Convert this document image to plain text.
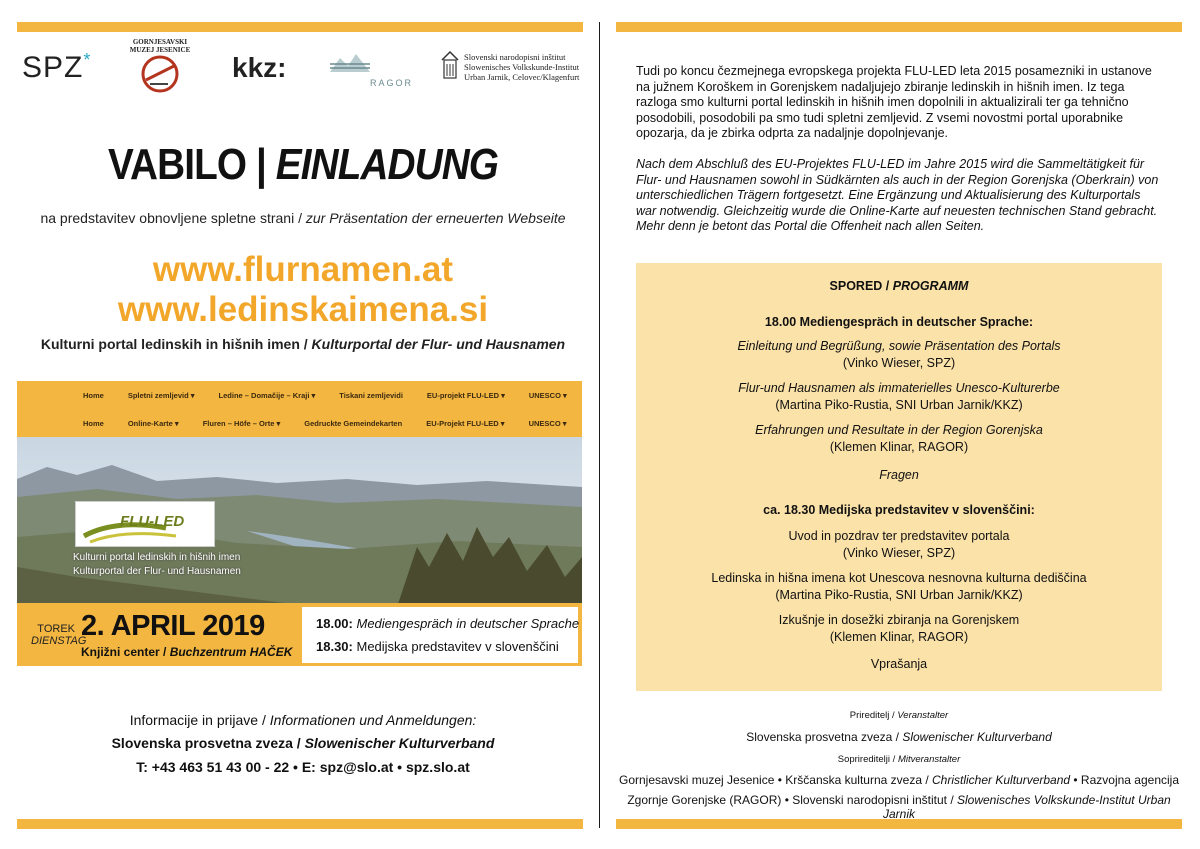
SPZ*
GORNJESAVSKI
MUZEJ JESENICE
kkz:	RAGOR
Slovenski narodopisni inštitut
Slowenisches Volkskunde-Institut
Urban Jarnik, Celovec/Klagenfurt
VABILO | EINLADUNG
na predstavitev obnovljene spletne strani / zur Präsentation der erneuerten Webseite
www.flurnamen.at
www.ledinskaimena.si
Kulturni portal ledinskih in hišnih imen / Kulturportal der Flur- und Hausnamen
Home	Spletni zemljevid ▾	Ledine – Domačije – Kraji ▾	Tiskani zemljevidi	EU-projekt FLU-LED ▾	UNESCO ▾
Home	Online-Karte ▾	Fluren – Höfe – Orte ▾	Gedruckte Gemeindekarten	EU-Projekt FLU-LED ▾	UNESCO ▾
FLU-LED
Kulturni portal ledinskih in hišnih imen
Kulturportal der Flur- und Hausnamen
TOREK
DIENSTAG
2. APRIL 2019
Knjižni center / Buchzentrum HAČEK
18.00: Mediengespräch in deutscher Sprache
18.30: Medijska predstavitev v slovenščini
Informacije in prijave / Informationen und Anmeldungen:
Slovenska prosvetna zveza / Slowenischer Kulturverband
T: +43 463 51 43 00 - 22 • E: spz@slo.at • spz.slo.at
Tudi po koncu čezmejnega evropskega projekta FLU-LED leta 2015 posamezniki in ustanove na južnem Koroškem in Gorenjskem nadaljujejo zbiranje ledinskih in hišnih imen. Iz tega razloga smo kulturni portal ledinskih in hišnih imen dopolnili in aktualizirali ter ga tehnično posodobili, posodobili pa smo tudi spletni zemljevid. Z vsemi novostmi portal uporabnike opozarja, da je zbirka odprta za nadaljnje dopolnjevanje.
Nach dem Abschluß des EU-Projektes FLU-LED im Jahre 2015 wird die Sammeltätigkeit für Flur- und Hausnamen sowohl in Südkärnten als auch in der Region Gorenjska (Oberkrain) von unterschiedlichen Trägern fortgesetzt. Eine Ergänzung und Aktualisierung des Kulturportals war notwendig. Gleichzeitig wurde die Online-Karte auf neuesten technischen Stand gebracht. Mehr denn je betont das Portal die Offenheit nach allen Seiten.
SPORED / PROGRAMM
18.00 Mediengespräch in deutscher Sprache:
Einleitung und Begrüßung, sowie Präsentation des Portals
(Vinko Wieser, SPZ)
Flur-und Hausnamen als immaterielles Unesco-Kulturerbe
(Martina Piko-Rustia, SNI Urban Jarnik/KKZ)
Erfahrungen und Resultate in der Region Gorenjska
(Klemen Klinar, RAGOR)
Fragen
ca. 18.30 Medijska predstavitev v slovenščini:
Uvod in pozdrav ter predstavitev portala
(Vinko Wieser, SPZ)
Ledinska in hišna imena kot Unescova nesnovna kulturna dediščina
(Martina Piko-Rustia, SNI Urban Jarnik/KKZ)
Izkušnje in dosežki zbiranja na Gorenjskem
(Klemen Klinar, RAGOR)
Vprašanja
Prireditelj / Veranstalter
Slovenska prosvetna zveza / Slowenischer Kulturverband
Soprireditelji / Mitveranstalter
Gornjesavski muzej Jesenice • Krščanska kulturna zveza / Christlicher Kulturverband • Razvojna agencija
Zgornje Gorenjske (RAGOR) • Slovenski narodopisni inštitut / Slowenisches Volkskunde-Institut Urban Jarnik
